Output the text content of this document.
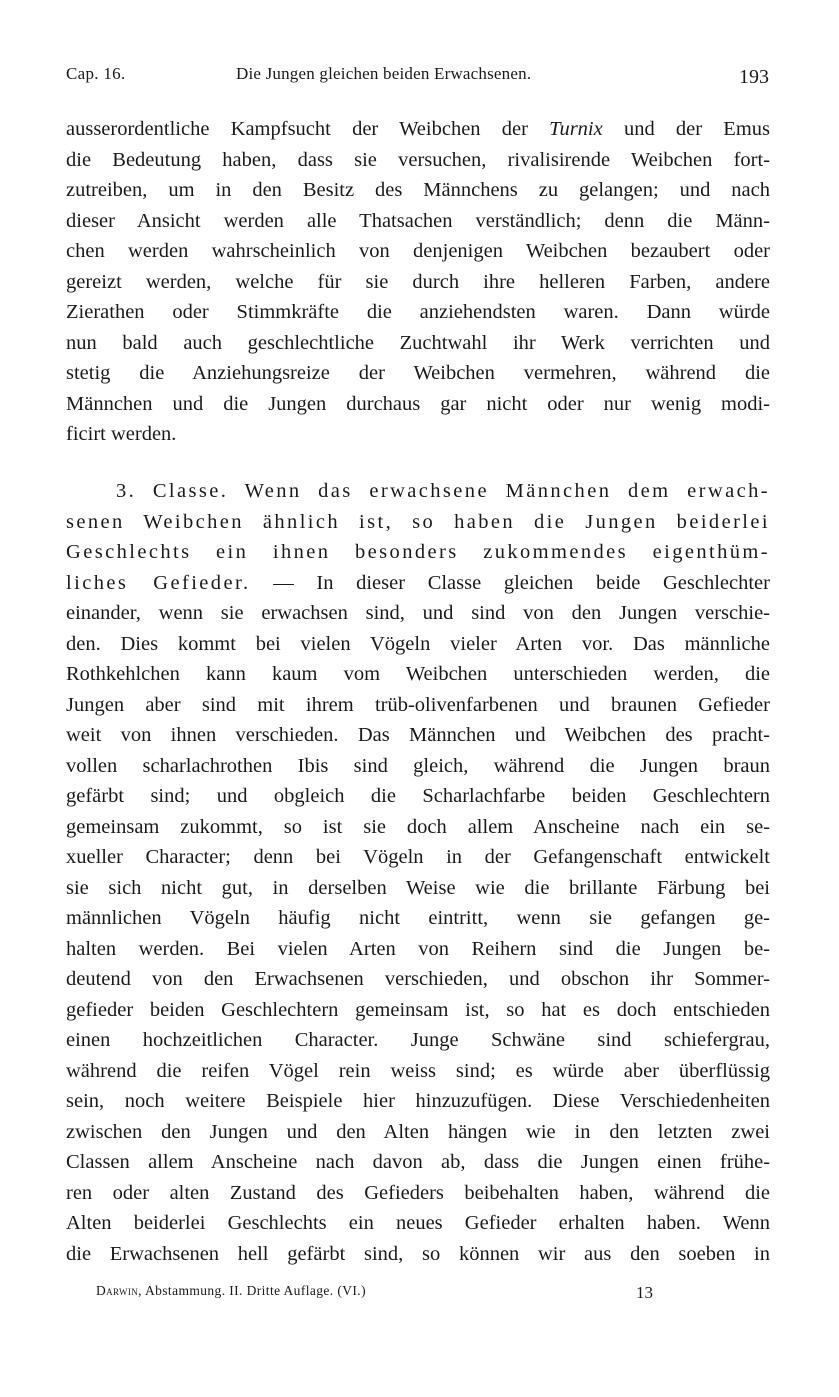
Cap. 16.	Die Jungen gleichen beiden Erwachsenen.	193
ausserordentliche Kampfsucht der Weibchen der Turnix und der Emus
die Bedeutung haben, dass sie versuchen, rivalisirende Weibchen fort-
zutreiben, um in den Besitz des Männchens zu gelangen; und nach
dieser Ansicht werden alle Thatsachen verständlich; denn die Männ-
chen werden wahrscheinlich von denjenigen Weibchen bezaubert oder
gereizt werden, welche für sie durch ihre helleren Farben, andere
Zierathen oder Stimmkräfte die anziehendsten waren. Dann würde
nun bald auch geschlechtliche Zuchtwahl ihr Werk verrichten und
stetig die Anziehungsreize der Weibchen vermehren, während die
Männchen und die Jungen durchaus gar nicht oder nur wenig modi-
ficirt werden.
3. Classe. Wenn das erwachsene Männchen dem erwach-
senen Weibchen ähnlich ist, so haben die Jungen beiderlei
Geschlechts ein ihnen besonders zukommendes eigenthüm-
liches Gefieder. — In dieser Classe gleichen beide Geschlechter
einander, wenn sie erwachsen sind, und sind von den Jungen verschie-
den. Dies kommt bei vielen Vögeln vieler Arten vor. Das männliche
Rothkehlchen kann kaum vom Weibchen unterschieden werden, die
Jungen aber sind mit ihrem trüb-olivenfarbenen und braunen Gefieder
weit von ihnen verschieden. Das Männchen und Weibchen des pracht-
vollen scharlachrothen Ibis sind gleich, während die Jungen braun
gefärbt sind; und obgleich die Scharlachfarbe beiden Geschlechtern
gemeinsam zukommt, so ist sie doch allem Anscheine nach ein se-
xueller Character; denn bei Vögeln in der Gefangenschaft entwickelt
sie sich nicht gut, in derselben Weise wie die brillante Färbung bei
männlichen Vögeln häufig nicht eintritt, wenn sie gefangen ge-
halten werden. Bei vielen Arten von Reihern sind die Jungen be-
deutend von den Erwachsenen verschieden, und obschon ihr Sommer-
gefieder beiden Geschlechtern gemeinsam ist, so hat es doch entschieden
einen hochzeitlichen Character. Junge Schwäne sind schiefergrau,
während die reifen Vögel rein weiss sind; es würde aber überflüssig
sein, noch weitere Beispiele hier hinzuzufügen. Diese Verschiedenheiten
zwischen den Jungen und den Alten hängen wie in den letzten zwei
Classen allem Anscheine nach davon ab, dass die Jungen einen frühe-
ren oder alten Zustand des Gefieders beibehalten haben, während die
Alten beiderlei Geschlechts ein neues Gefieder erhalten haben. Wenn
die Erwachsenen hell gefärbt sind, so können wir aus den soeben in
Darwin, Abstammung. II. Dritte Auflage. (VI.)	13
